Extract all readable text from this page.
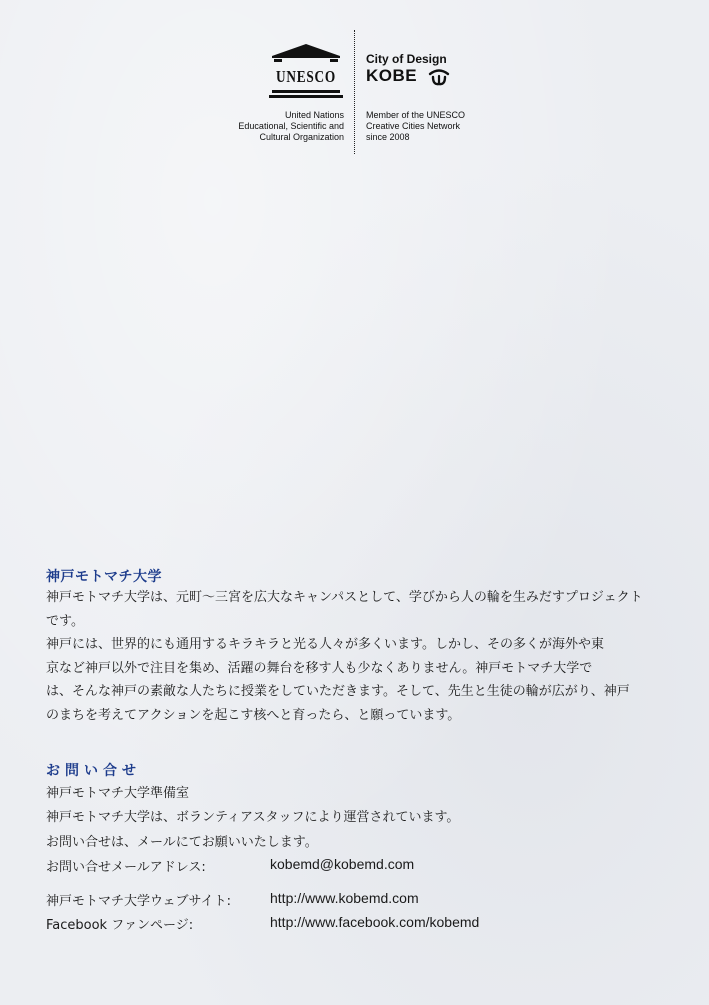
UNESCO
United Nations
Educational, Scientific and
Cultural Organization
City of Design
KOBE
Member of the UNESCO
Creative Cities Network
since 2008
神戸モトマチ大学

神戸モトマチ大学は、元町～三宮を広大なキャンパスとして、学びから人の輪を生みだすプロジェクト
です。

神戸には、世界的にも通用するキラキラと光る人々が多くいます。しかし、その多くが海外や東
京など神戸以外で注目を集め、活躍の舞台を移す人も少なくありません。神戸モトマチ大学で
は、そんな神戸の素敵な人たちに授業をしていただきます。そして、先生と生徒の輪が広がり、神戸
のまちを考えてアクションを起こす核へと育ったら、と願っています。

お問い合せ
神戸モトマチ大学準備室
神戸モトマチ大学は、ボランティアスタッフにより運営されています。
お問い合せは、メールにてお願いいたします。
お問い合せメールアドレス:	kobemd@kobemd.com
神戸モトマチ大学ウェブサイト:	http://www.kobemd.com
Facebook ファンページ:	http://www.facebook.com/kobemd
